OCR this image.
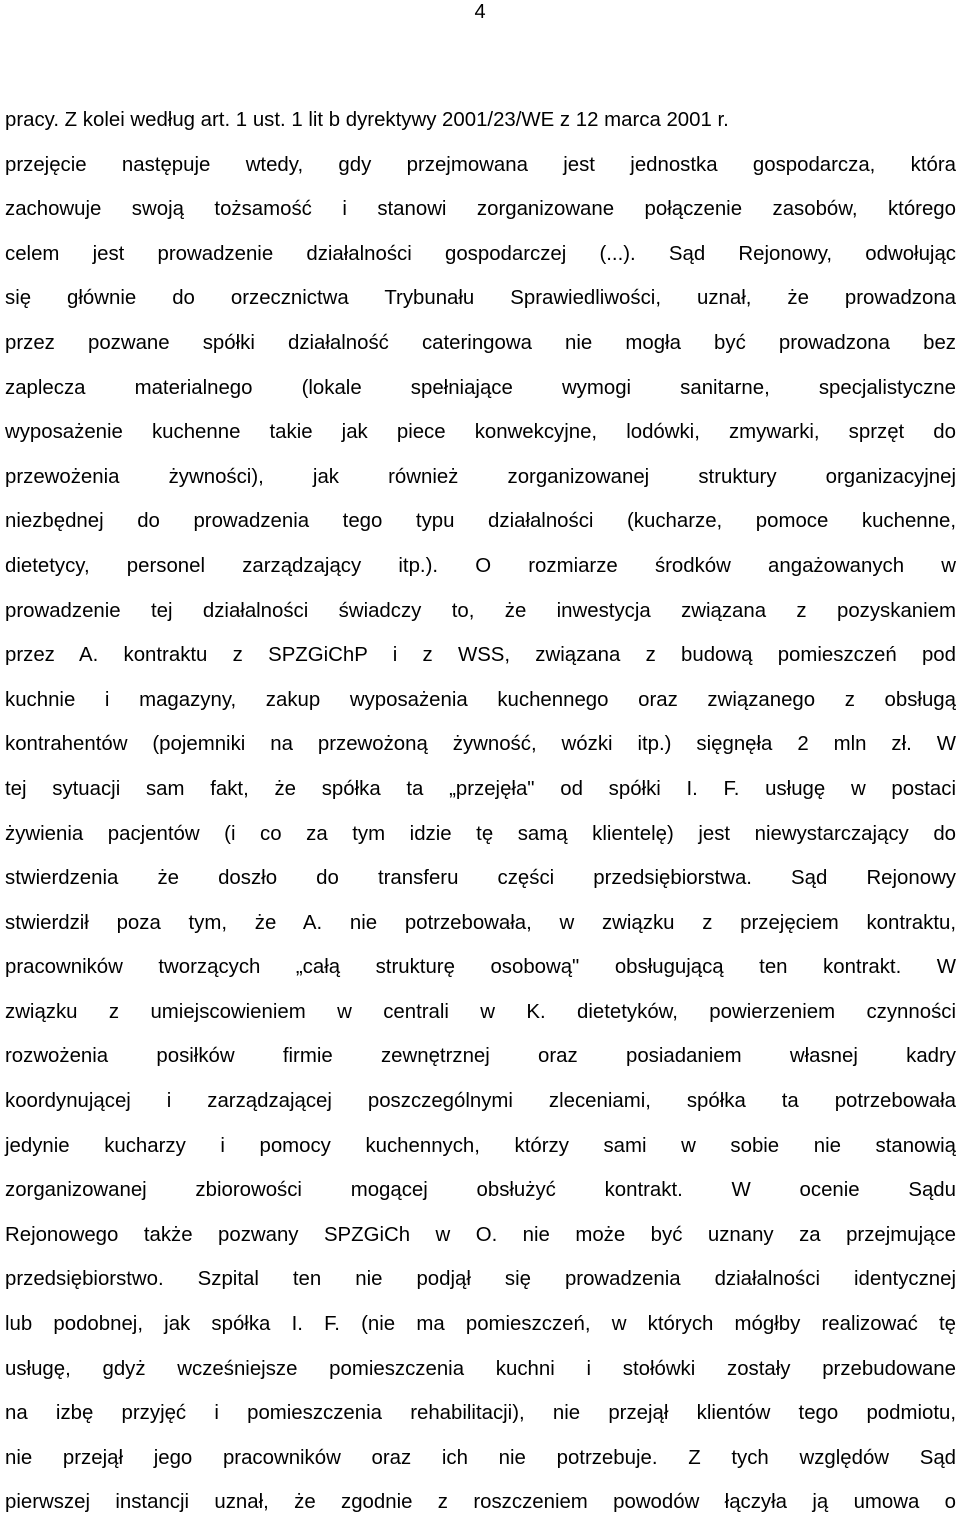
4
pracy. Z kolei według art. 1 ust. 1 lit b dyrektywy 2001/23/WE z 12 marca 2001 r.
przejęcie następuje wtedy, gdy przejmowana jest jednostka gospodarcza, która
zachowuje swoją tożsamość i stanowi zorganizowane połączenie zasobów, którego
celem jest prowadzenie działalności gospodarczej (...). Sąd Rejonowy, odwołując
się głównie do orzecznictwa Trybunału Sprawiedliwości, uznał, że prowadzona
przez pozwane spółki działalność cateringowa nie mogła być prowadzona bez
zaplecza materialnego (lokale spełniające wymogi sanitarne, specjalistyczne
wyposażenie kuchenne takie jak piece konwekcyjne, lodówki, zmywarki, sprzęt do
przewożenia żywności), jak również zorganizowanej struktury organizacyjnej
niezbędnej do prowadzenia tego typu działalności (kucharze, pomoce kuchenne,
dietetycy, personel zarządzający itp.). O rozmiarze środków angażowanych w
prowadzenie tej działalności świadczy to, że inwestycja związana z pozyskaniem
przez A. kontraktu z SPZGiChP i z WSS, związana z budową pomieszczeń pod
kuchnie i magazyny, zakup wyposażenia kuchennego oraz związanego z obsługą
kontrahentów (pojemniki na przewożoną żywność, wózki itp.) sięgnęła 2 mln zł. W
tej sytuacji sam fakt, że spółka ta „przejęła" od spółki I. F. usługę w postaci
żywienia pacjentów (i co za tym idzie tę samą klientelę) jest niewystarczający do
stwierdzenia że doszło do transferu części przedsiębiorstwa. Sąd Rejonowy
stwierdził poza tym, że A. nie potrzebowała, w związku z przejęciem kontraktu,
pracowników tworzących „całą strukturę osobową" obsługującą ten kontrakt. W
związku z umiejscowieniem w centrali w K. dietetyków, powierzeniem czynności
rozwożenia posiłków firmie zewnętrznej oraz posiadaniem własnej kadry
koordynującej i zarządzającej poszczególnymi zleceniami, spółka ta potrzebowała
jedynie kucharzy i pomocy kuchennych, którzy sami w sobie nie stanowią
zorganizowanej zbiorowości mogącej obsłużyć kontrakt. W ocenie Sądu
Rejonowego także pozwany SPZGiCh w O. nie może być uznany za przejmujące
przedsiębiorstwo. Szpital ten nie podjął się prowadzenia działalności identycznej
lub podobnej, jak spółka I. F. (nie ma pomieszczeń, w których mógłby realizować tę
usługę, gdyż wcześniejsze pomieszczenia kuchni i stołówki zostały przebudowane
na izbę przyjęć i pomieszczenia rehabilitacji), nie przejął klientów tego podmiotu,
nie przejął jego pracowników oraz ich nie potrzebuje. Z tych względów Sąd
pierwszej instancji uznał, że zgodnie z roszczeniem powodów łączyła ją umowa o
